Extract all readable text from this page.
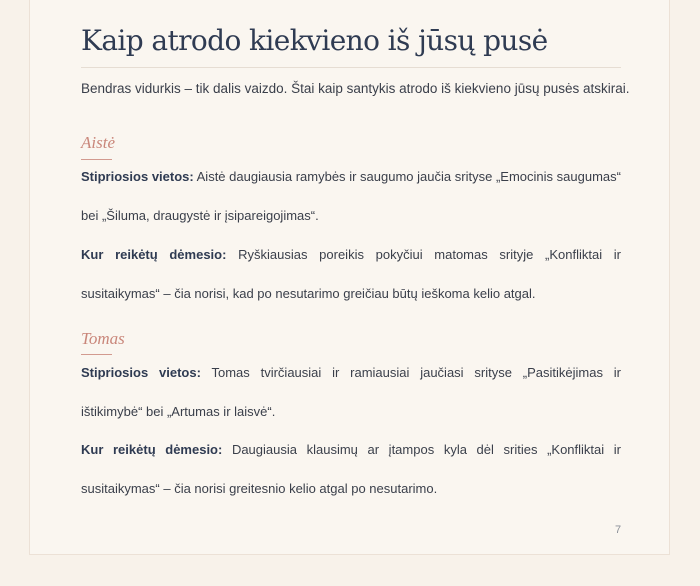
Kaip atrodo kiekvieno iš jūsų pusė

Bendras vidurkis – tik dalis vaizdo. Štai kaip santykis atrodo iš kiekvieno jūsų pusės atskirai.

Aistė

Stipriosios vietos: Aistė daugiausia ramybės ir saugumo jaučia srityse „Emocinis saugumas“ bei „Šiluma, draugystė ir įsipareigojimas“.

Kur reikėtų dėmesio: Ryškiausias poreikis pokyčiui matomas srityje „Konfliktai ir susitaikymas“ – čia norisi, kad po nesutarimo greičiau būtų ieškoma kelio atgal.

Tomas

Stipriosios vietos: Tomas tvirčiausiai ir ramiausiai jaučiasi srityse „Pasitikėjimas ir ištikimybė“ bei „Artumas ir laisvė“.

Kur reikėtų dėmesio: Daugiausia klausimų ar įtampos kyla dėl srities „Konfliktai ir susitaikymas“ – čia norisi greitesnio kelio atgal po nesutarimo.

7
